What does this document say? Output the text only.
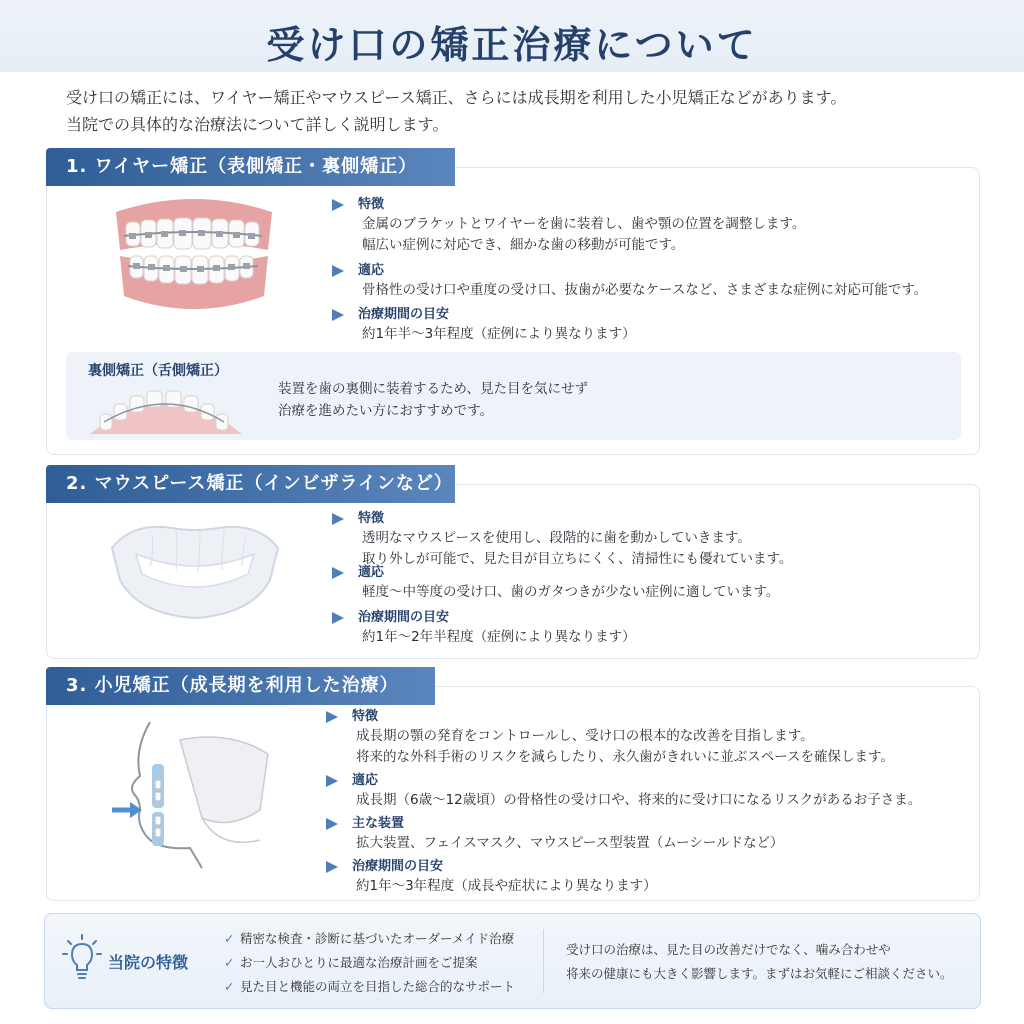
受け口の矯正治療について
受け口の矯正には、ワイヤー矯正やマウスピース矯正、さらには成長期を利用した小児矯正などがあります。
当院での具体的な治療法について詳しく説明します。
1. ワイヤー矯正（表側矯正・裏側矯正）
特徴
金属のブラケットとワイヤーを歯に装着し、歯や顎の位置を調整します。
幅広い症例に対応でき、細かな歯の移動が可能です。
適応
骨格性の受け口や重度の受け口、抜歯が必要なケースなど、さまざまな症例に対応可能です。
治療期間の目安
約1年半〜3年程度（症例により異なります）
裏側矯正（舌側矯正）
装置を歯の裏側に装着するため、見た目を気にせず
治療を進めたい方におすすめです。
2. マウスピース矯正（インビザラインなど）
特徴
透明なマウスピースを使用し、段階的に歯を動かしていきます。
取り外しが可能で、見た目が目立ちにくく、清掃性にも優れています。
適応
軽度〜中等度の受け口、歯のガタつきが少ない症例に適しています。
治療期間の目安
約1年〜2年半程度（症例により異なります）
3. 小児矯正（成長期を利用した治療）
特徴
成長期の顎の発育をコントロールし、受け口の根本的な改善を目指します。
将来的な外科手術のリスクを減らしたり、永久歯がきれいに並ぶスペースを確保します。
適応
成長期（6歳〜12歳頃）の骨格性の受け口や、将来的に受け口になるリスクがあるお子さま。
主な装置
拡大装置、フェイスマスク、マウスピース型装置（ムーシールドなど）
治療期間の目安
約1年〜3年程度（成長や症状により異なります）
当院の特徴
✓ 精密な検査・診断に基づいたオーダーメイド治療
✓ お一人おひとりに最適な治療計画をご提案
✓ 見た目と機能の両立を目指した総合的なサポート
受け口の治療は、見た目の改善だけでなく、噛み合わせや
将来の健康にも大きく影響します。まずはお気軽にご相談ください。
